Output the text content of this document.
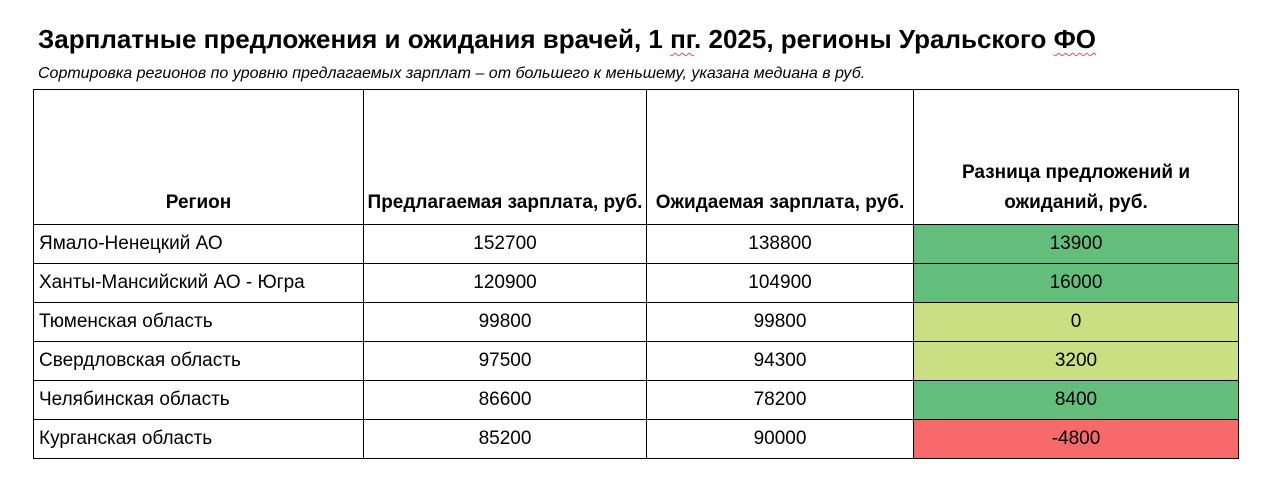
Зарплатные предложения и ожидания врачей, 1 пг. 2025, регионы Уральского ФО
Сортировка регионов по уровню предлагаемых зарплат – от большего к меньшему, указана медиана в руб.
Регион	Предлагаемая зарплата, руб.	Ожидаемая зарплата, руб.	Разница предложений и ожиданий, руб.
Ямало-Ненецкий АО	152700	138800	13900
Ханты-Мансийский АО - Югра	120900	104900	16000
Тюменская область	99800	99800	0
Свердловская область	97500	94300	3200
Челябинская область	86600	78200	8400
Курганская область	85200	90000	-4800
